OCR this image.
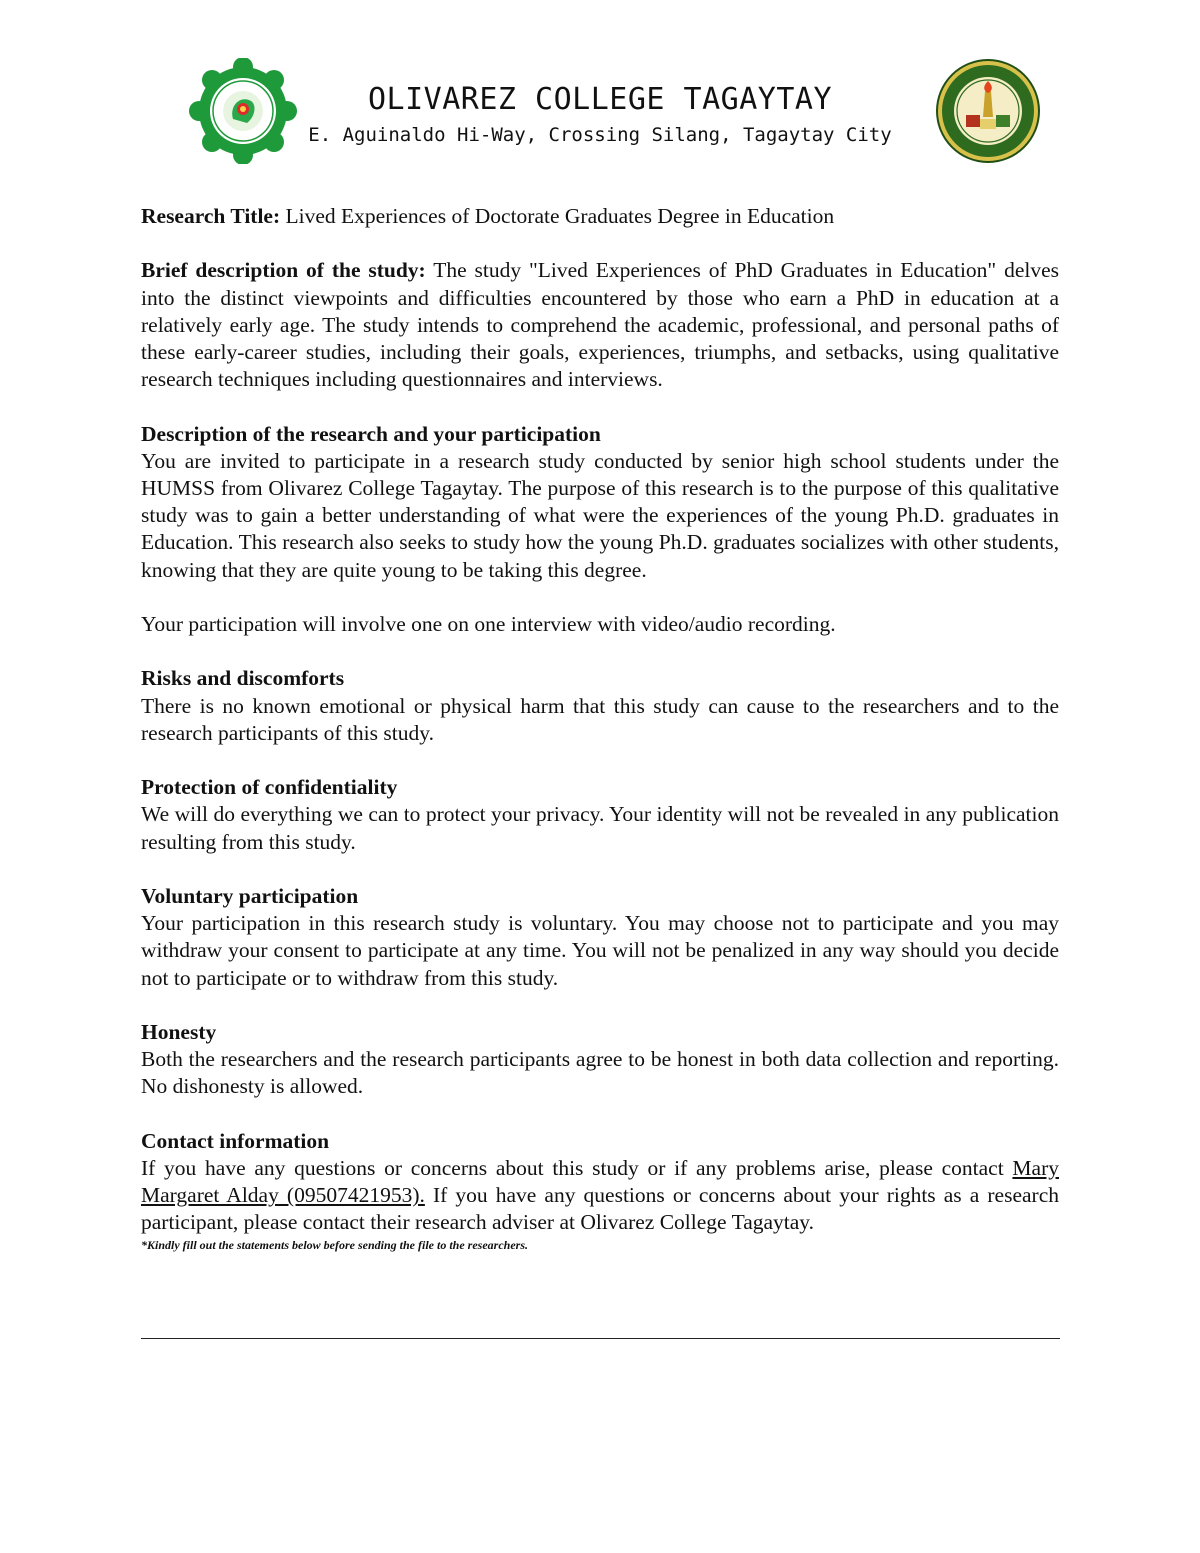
OLIVAREZ COLLEGE TAGAYTAY
E. Aguinaldo Hi-Way, Crossing Silang, Tagaytay City

Research Title: Lived Experiences of Doctorate Graduates Degree in Education

Brief description of the study: The study "Lived Experiences of PhD Graduates in Education" delves into the distinct viewpoints and difficulties encountered by those who earn a PhD in education at a relatively early age. The study intends to comprehend the academic, professional, and personal paths of these early-career studies, including their goals, experiences, triumphs, and setbacks, using qualitative research techniques including questionnaires and interviews.

Description of the research and your participation

You are invited to participate in a research study conducted by senior high school students under the HUMSS from Olivarez College Tagaytay. The purpose of this research is to the purpose of this qualitative study was to gain a better understanding of what were the experiences of the young Ph.D. graduates in Education. This research also seeks to study how the young Ph.D. graduates socializes with other students, knowing that they are quite young to be taking this degree.

Your participation will involve one on one interview with video/audio recording.

Risks and discomforts

There is no known emotional or physical harm that this study can cause to the researchers and to the research participants of this study.

Protection of confidentiality

We will do everything we can to protect your privacy. Your identity will not be revealed in any publication resulting from this study.

Voluntary participation

Your participation in this research study is voluntary. You may choose not to participate and you may withdraw your consent to participate at any time. You will not be penalized in any way should you decide not to participate or to withdraw from this study.

Honesty

Both the researchers and the research participants agree to be honest in both data collection and reporting. No dishonesty is allowed.

Contact information

If you have any questions or concerns about this study or if any problems arise, please contact Mary Margaret Alday (09507421953). If you have any questions or concerns about your rights as a research participant, please contact their research adviser at Olivarez College Tagaytay.

*Kindly fill out the statements below before sending the file to the researchers.
